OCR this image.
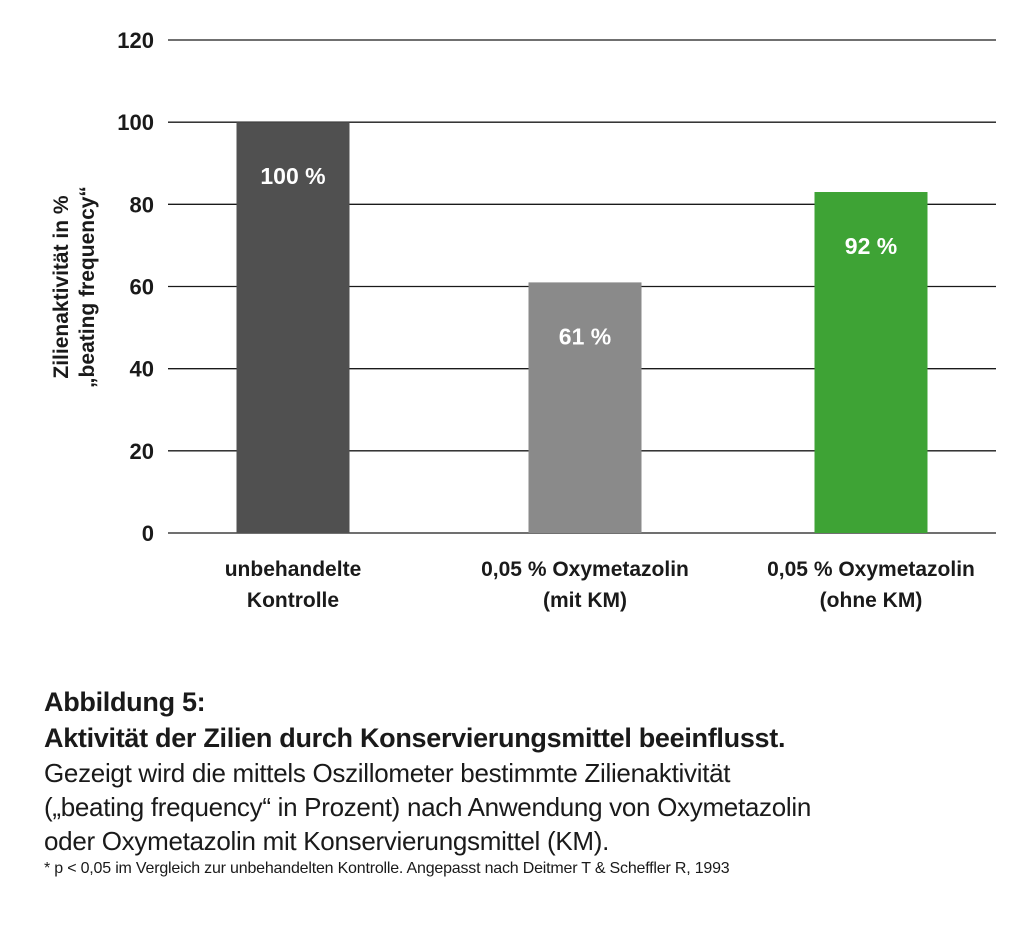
0
20
40
60
80
100
120
Zilienaktivität in % „beating frequency“
100 %
unbehandelte
Kontrolle
61 %
0,05 % Oxymetazolin
(mit KM)
92 %
0,05 % Oxymetazolin
(ohne KM)

Abbildung 5:

Aktivität der Zilien durch Konservierungsmittel beeinflusst.

Gezeigt wird die mittels Oszillometer bestimmte Zilienaktivität

(„beating frequency“ in Prozent) nach Anwendung von Oxymetazolin

oder Oxymetazolin mit Konservierungsmittel (KM).

* p < 0,05 im Vergleich zur unbehandelten Kontrolle. Angepasst nach Deitmer T & Scheffler R, 1993
